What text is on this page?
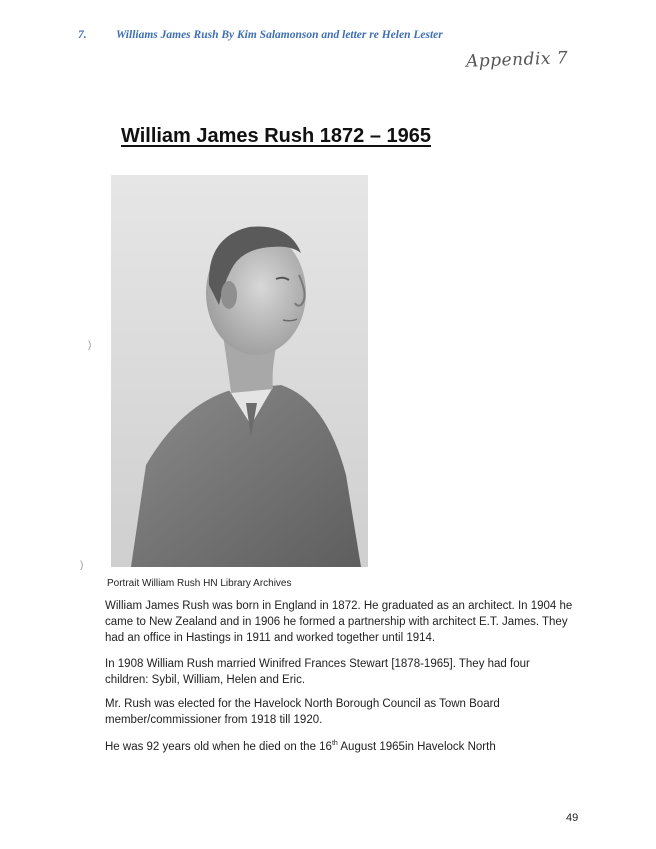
7.	Williams James Rush By Kim Salamonson and letter re Helen Lester
Appendix 7
William James Rush 1872 – 1965
)
)
Portrait William Rush HN Library Archives
William James Rush was born in England in 1872. He graduated as an architect. In 1904 he came to New Zealand and in 1906 he formed a partnership with architect E.T. James. They had an office in Hastings in 1911 and worked together until 1914.
In 1908 William Rush married Winifred Frances Stewart [1878-1965]. They had four children: Sybil, William, Helen and Eric.
Mr. Rush was elected for the Havelock North Borough Council as Town Board member/commissioner from 1918 till 1920.
He was 92 years old when he died on the 16th August 1965in Havelock North
49
